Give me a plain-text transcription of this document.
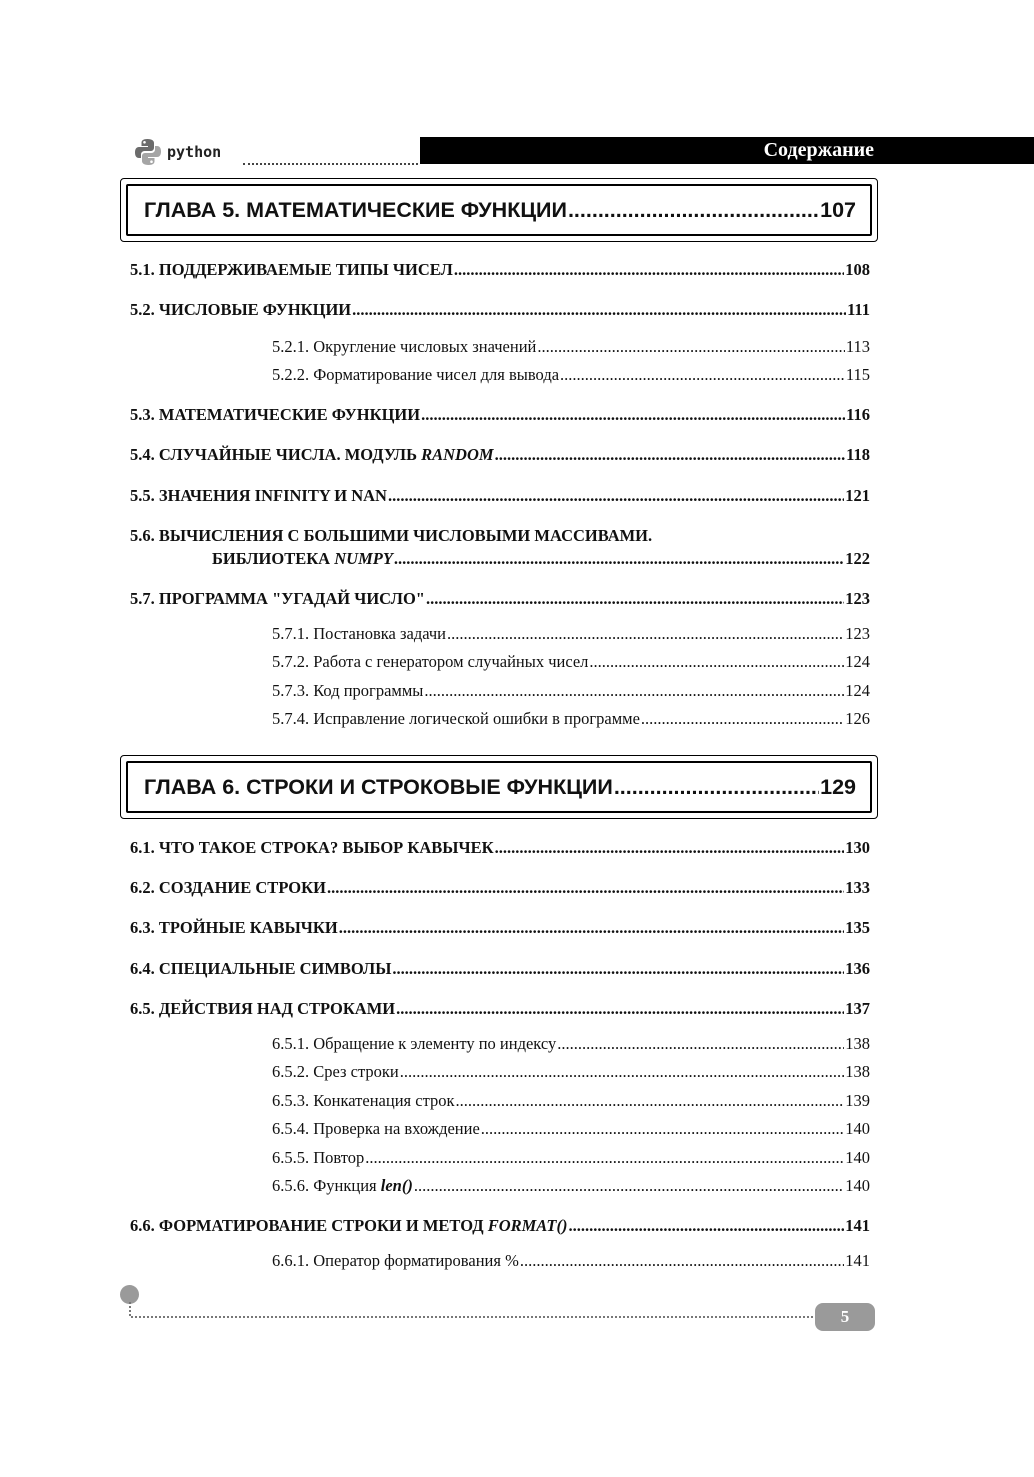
python	Содержание
ГЛАВА 5. МАТЕМАТИЧЕСКИЕ ФУНКЦИИ .....	107
5.1. ПОДДЕРЖИВАЕМЫЕ ТИПЫ ЧИСЕЛ .....	108
5.2. ЧИСЛОВЫЕ ФУНКЦИИ .....	111
5.2.1. Округление числовых значений .....	113
5.2.2. Форматирование чисел для вывода .....	115
5.3. МАТЕМАТИЧЕСКИЕ ФУНКЦИИ .....	116
5.4. СЛУЧАЙНЫЕ ЧИСЛА. МОДУЛЬ RANDOM .....	118
5.5. ЗНАЧЕНИЯ INFINITY И NAN .....	121
5.6. ВЫЧИСЛЕНИЯ С БОЛЬШИМИ ЧИСЛОВЫМИ МАССИВАМИ.
БИБЛИОТЕКА NUMPY .....	122
5.7. ПРОГРАММА "УГАДАЙ ЧИСЛО" .....	123
5.7.1. Постановка задачи .....	123
5.7.2. Работа с генератором случайных чисел .....	124
5.7.3. Код программы .....	124
5.7.4. Исправление логической ошибки в программе .....	126
ГЛАВА 6. СТРОКИ И СТРОКОВЫЕ ФУНКЦИИ .....	129
6.1. ЧТО ТАКОЕ СТРОКА? ВЫБОР КАВЫЧЕК .....	130
6.2. СОЗДАНИЕ СТРОКИ .....	133
6.3. ТРОЙНЫЕ КАВЫЧКИ .....	135
6.4. СПЕЦИАЛЬНЫЕ СИМВОЛЫ .....	136
6.5. ДЕЙСТВИЯ НАД СТРОКАМИ .....	137
6.5.1. Обращение к элементу по индексу .....	138
6.5.2. Срез строки .....	138
6.5.3. Конкатенация строк .....	139
6.5.4. Проверка на вхождение .....	140
6.5.5. Повтор .....	140
6.5.6. Функция len() .....	140
6.6. ФОРМАТИРОВАНИЕ СТРОКИ И МЕТОД FORMAT() .....	141
6.6.1. Оператор форматирования % .....	141
5
